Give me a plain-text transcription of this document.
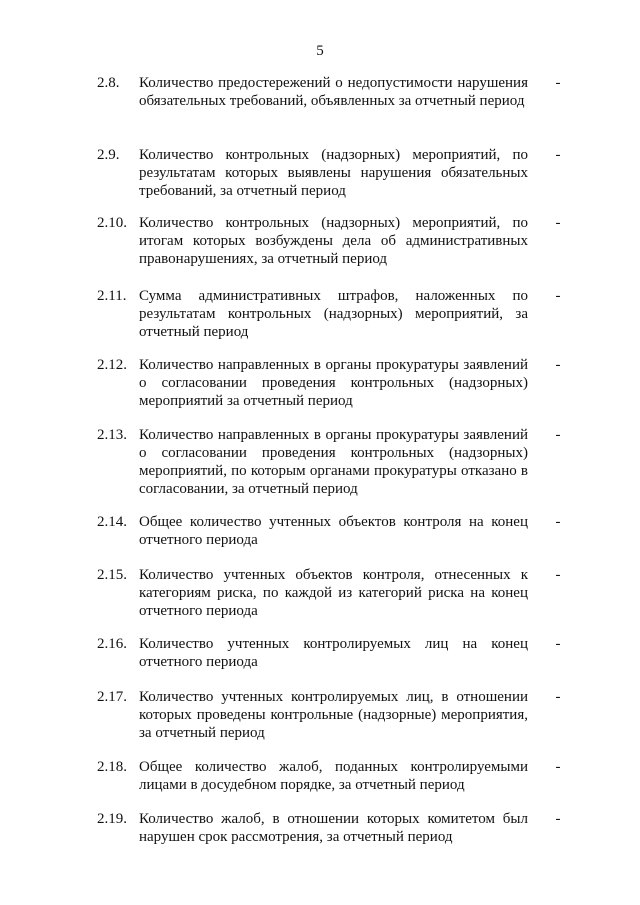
5
2.8. Количество предостережений о недопустимости нарушения обязательных требований, объявленных за отчетный период
-
2.9. Количество контрольных (надзорных) мероприятий, по результатам которых выявлены нарушения обязательных требований, за отчетный период
-
2.10. Количество контрольных (надзорных) мероприятий, по итогам которых возбуждены дела об административных правонарушениях, за отчетный период
-
2.11. Сумма административных штрафов, наложенных по результатам контрольных (надзорных) мероприятий, за отчетный период
-
2.12. Количество направленных в органы прокуратуры заявлений о согласовании проведения контрольных (надзорных) мероприятий за отчетный период
-
2.13. Количество направленных в органы прокуратуры заявлений о согласовании проведения контрольных (надзорных) мероприятий, по которым органами прокуратуры отказано в согласовании, за отчетный период
-
2.14. Общее количество учтенных объектов контроля на конец отчетного периода
-
2.15. Количество учтенных объектов контроля, отнесенных к категориям риска, по каждой из категорий риска на конец отчетного периода
-
2.16. Количество учтенных контролируемых лиц на конец отчетного периода
-
2.17. Количество учтенных контролируемых лиц, в отношении которых проведены контрольные (надзорные) мероприятия, за отчетный период
-
2.18. Общее количество жалоб, поданных контролируемыми лицами в досудебном порядке, за отчетный период
-
2.19. Количество жалоб, в отношении которых комитетом был нарушен срок рассмотрения, за отчетный период
-
